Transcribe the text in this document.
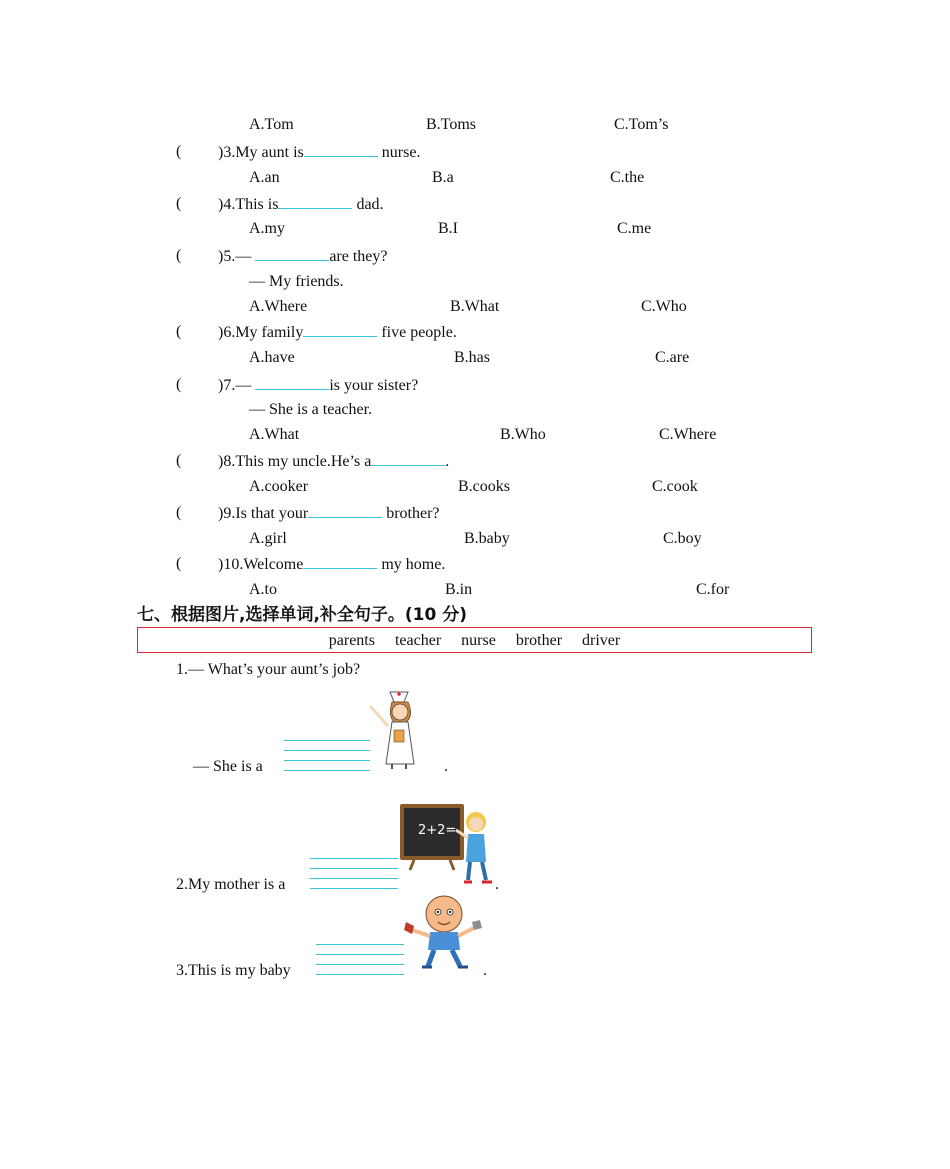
A.Tom	B.Toms	C.Tom’s
( )3.My aunt is	nurse.
A.an	B.a	C.the
( )4.This is	dad.
A.my	B.I	C.me
( )5.—	are they?
— My friends.
A.Where	B.What	C.Who
( )6.My family	five people.
A.have	B.has	C.are
( )7.—	is your sister?
— She is a teacher.
A.What	B.Who	C.Where
( )8.This my uncle.He’s a	.
A.cooker	B.cooks	C.cook
( )9.Is that your	brother?
A.girl	B.baby	C.boy
( )10.Welcome	my home.
A.to	B.in	C.for
七、根据图片,选择单词,补全句子。(10 分)
parents teacher nurse brother driver
1.— What’s your aunt’s job?
— She is a	.
2.My mother is a
2+2=
.
3.This is my baby	.
